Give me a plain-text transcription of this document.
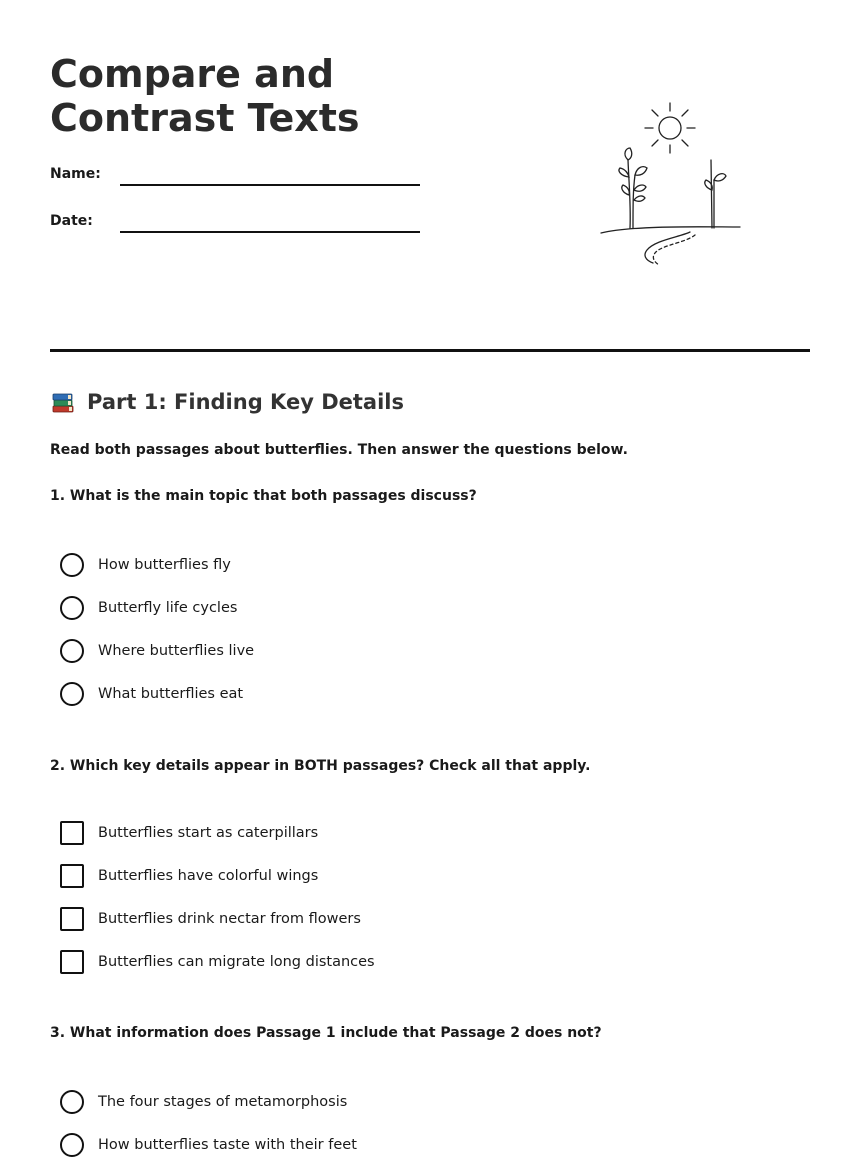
Compare and Contrast Texts
Name:
Date:
Part 1: Finding Key Details
Read both passages about butterflies. Then answer the questions below.
1. What is the main topic that both passages discuss?
How butterflies fly
Butterfly life cycles
Where butterflies live
What butterflies eat
2. Which key details appear in BOTH passages? Check all that apply.
Butterflies start as caterpillars
Butterflies have colorful wings
Butterflies drink nectar from flowers
Butterflies can migrate long distances
3. What information does Passage 1 include that Passage 2 does not?
The four stages of metamorphosis
How butterflies taste with their feet
